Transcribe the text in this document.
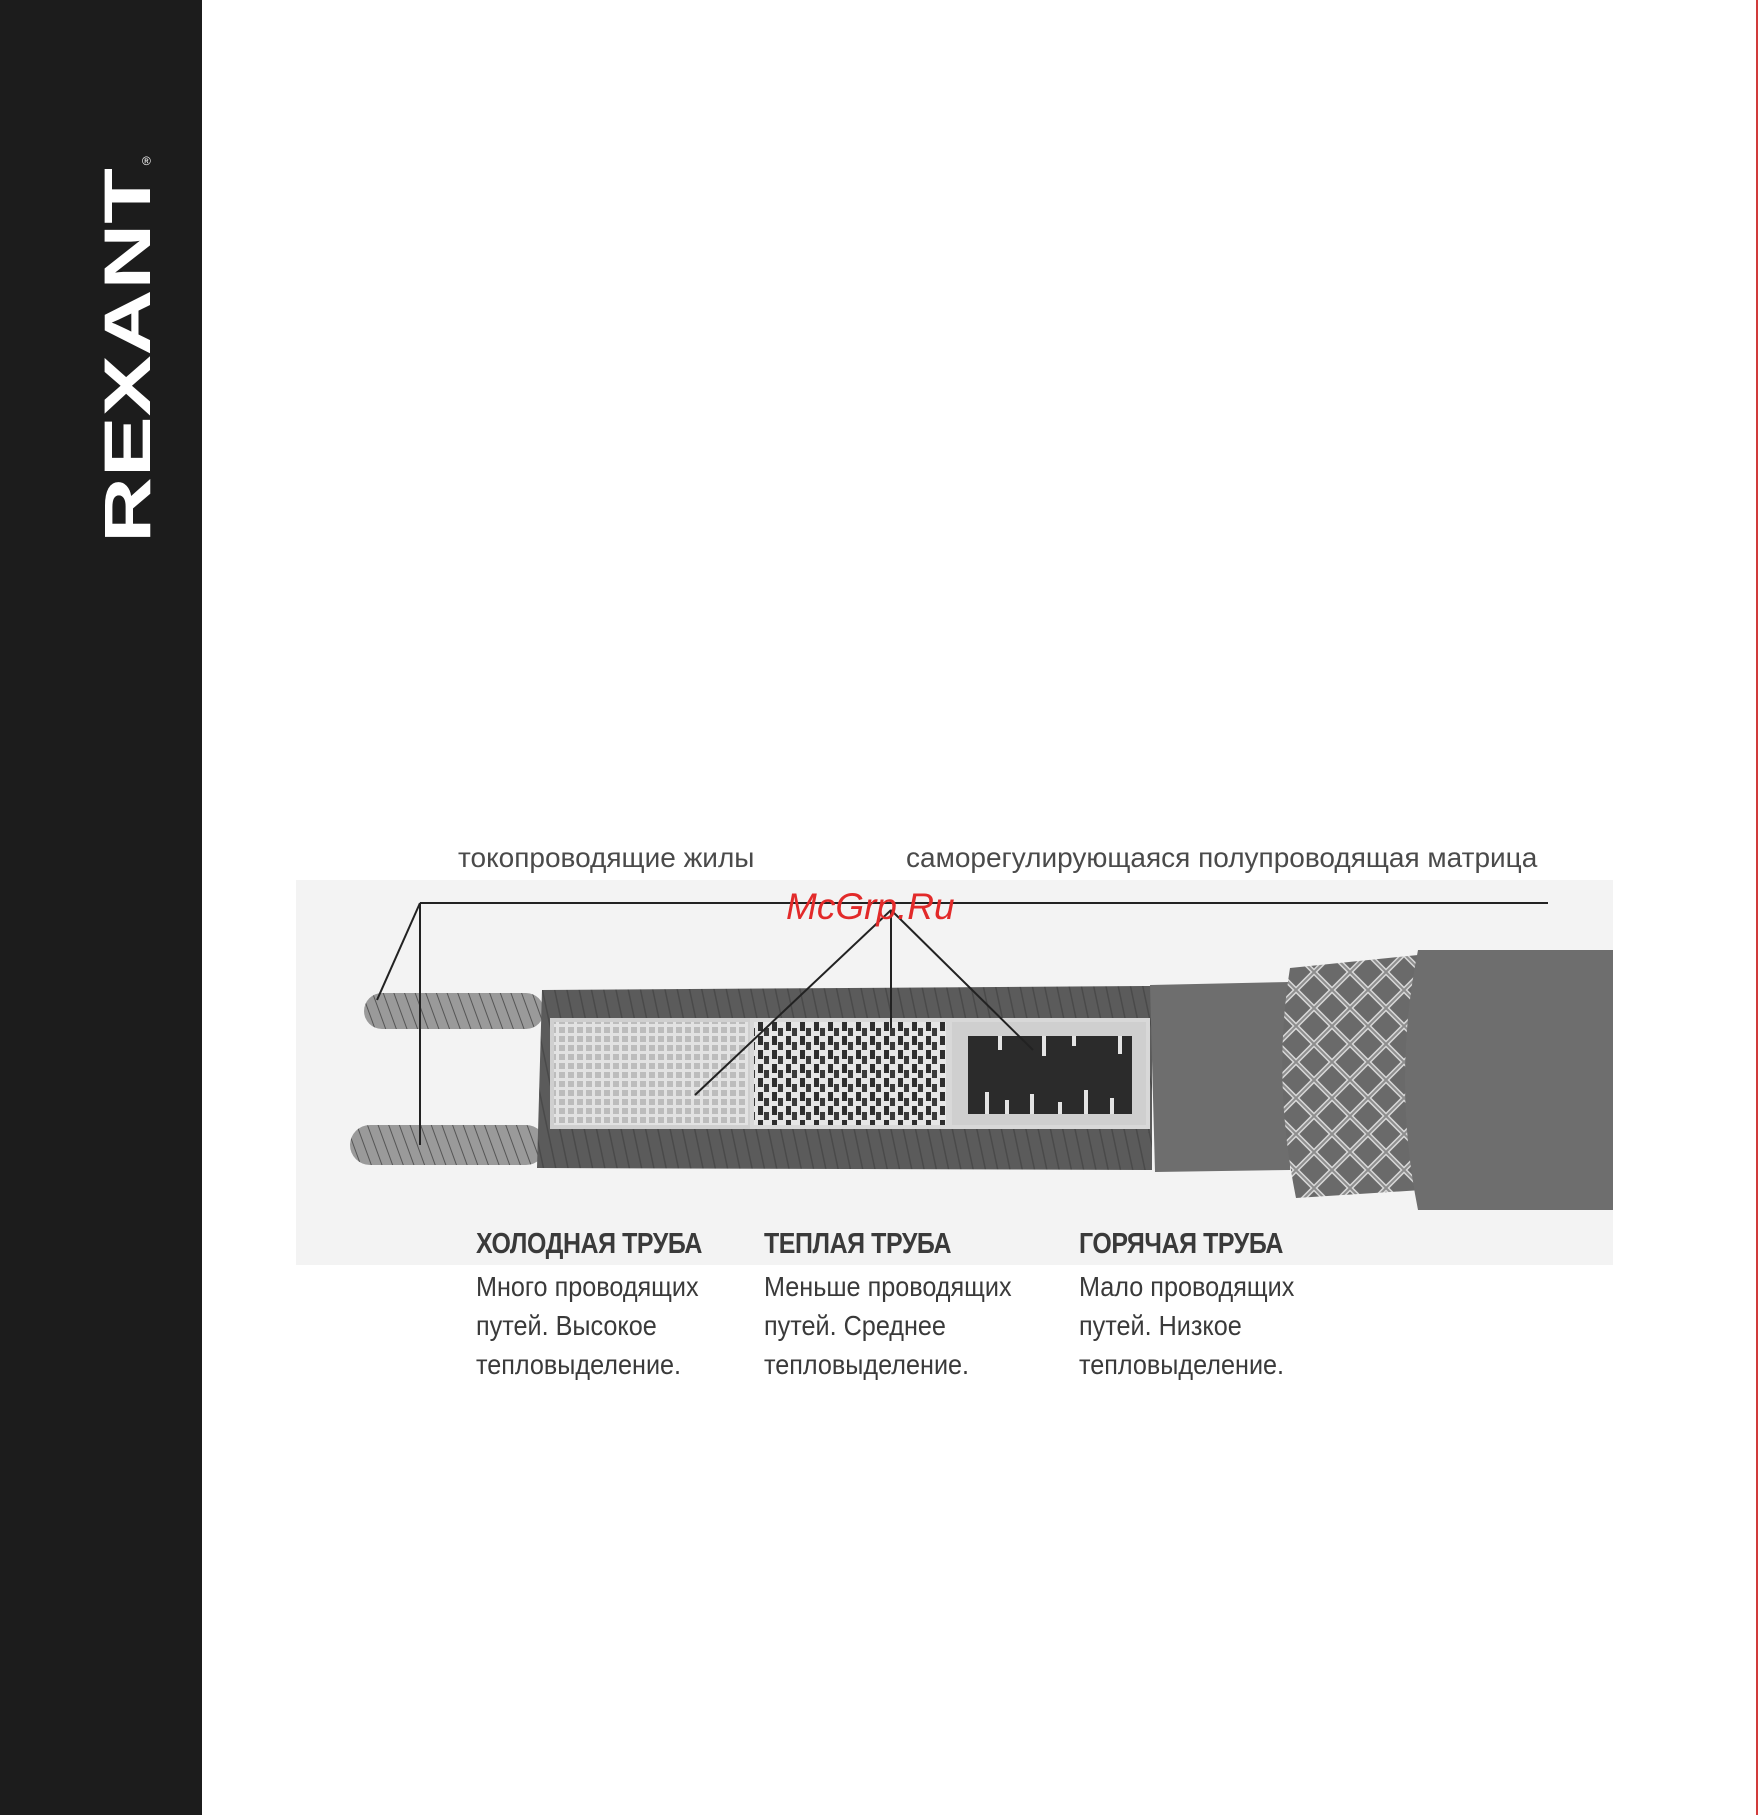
®
REXANT
токопроводящие жилы	саморегулирующаяся полупроводящая матрица
McGrp.Ru
ХОЛОДНАЯ ТРУБА
Много проводящих
путей. Высокое
тепловыделение.
ТЕПЛАЯ ТРУБА
Меньше проводящих
путей. Среднее
тепловыделение.
ГОРЯЧАЯ ТРУБА
Мало проводящих
путей. Низкое
тепловыделение.
